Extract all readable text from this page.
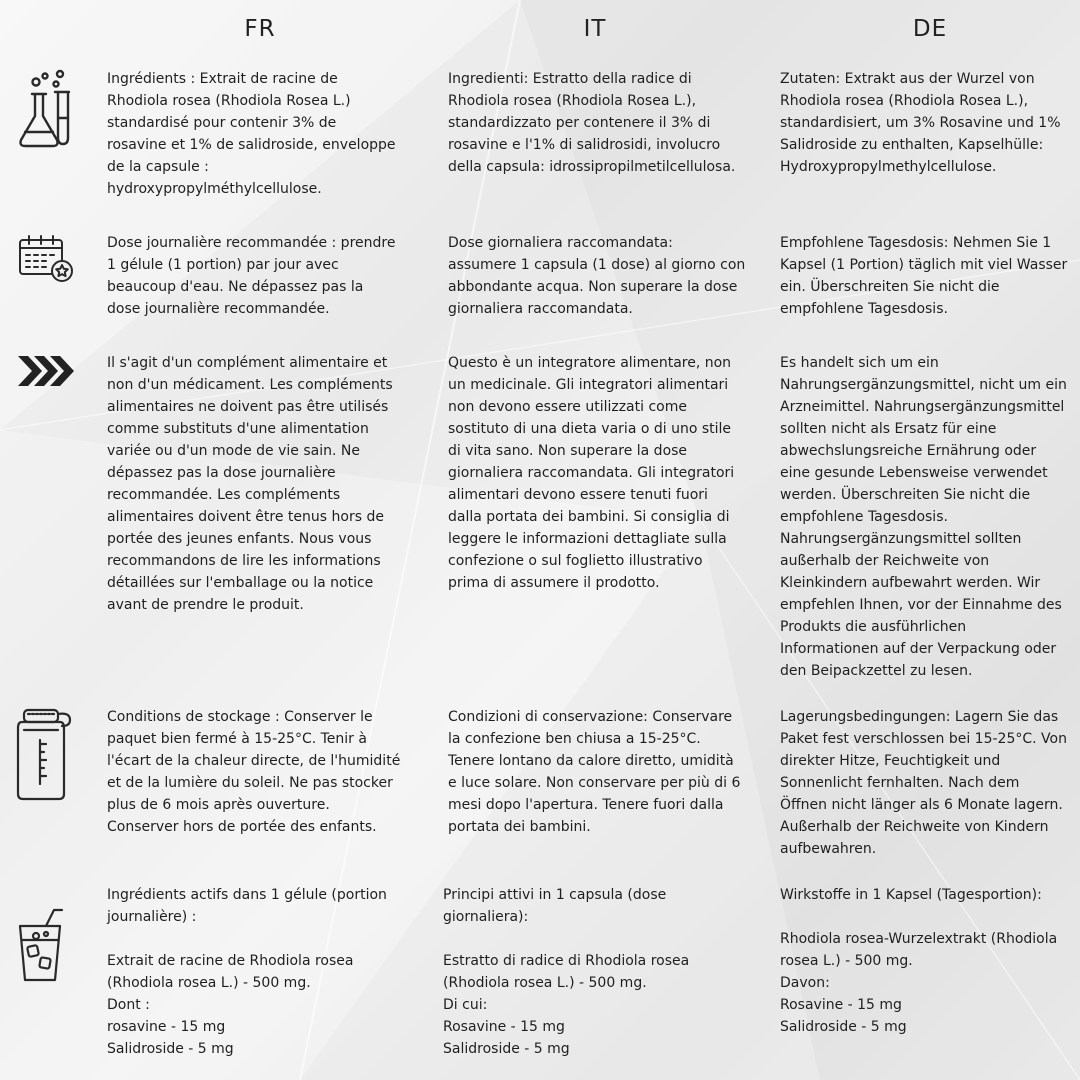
FR	IT	DE

Ingrédients : Extrait de racine de
Rhodiola rosea (Rhodiola Rosea L.)
standardisé pour contenir 3% de
rosavine et 1% de salidroside, enveloppe
de la capsule :
hydroxypropylméthylcellulose.

Ingredienti: Estratto della radice di
Rhodiola rosea (Rhodiola Rosea L.),
standardizzato per contenere il 3% di
rosavine e l'1% di salidrosidi, involucro
della capsula: idrossipropilmetilcellulosa.

Zutaten: Extrakt aus der Wurzel von
Rhodiola rosea (Rhodiola Rosea L.),
standardisiert, um 3% Rosavine und 1%
Salidroside zu enthalten, Kapselhülle:
Hydroxypropylmethylcellulose.

Dose journalière recommandée : prendre
1 gélule (1 portion) par jour avec
beaucoup d'eau. Ne dépassez pas la
dose journalière recommandée.

Dose giornaliera raccomandata:
assumere 1 capsula (1 dose) al giorno con
abbondante acqua. Non superare la dose
giornaliera raccomandata.

Empfohlene Tagesdosis: Nehmen Sie 1
Kapsel (1 Portion) täglich mit viel Wasser
ein. Überschreiten Sie nicht die
empfohlene Tagesdosis.

Il s'agit d'un complément alimentaire et
non d'un médicament. Les compléments
alimentaires ne doivent pas être utilisés
comme substituts d'une alimentation
variée ou d'un mode de vie sain. Ne
dépassez pas la dose journalière
recommandée. Les compléments
alimentaires doivent être tenus hors de
portée des jeunes enfants. Nous vous
recommandons de lire les informations
détaillées sur l'emballage ou la notice
avant de prendre le produit.

Questo è un integratore alimentare, non
un medicinale. Gli integratori alimentari
non devono essere utilizzati come
sostituto di una dieta varia o di uno stile
di vita sano. Non superare la dose
giornaliera raccomandata. Gli integratori
alimentari devono essere tenuti fuori
dalla portata dei bambini. Si consiglia di
leggere le informazioni dettagliate sulla
confezione o sul foglietto illustrativo
prima di assumere il prodotto.

Es handelt sich um ein
Nahrungsergänzungsmittel, nicht um ein
Arzneimittel. Nahrungsergänzungsmittel
sollten nicht als Ersatz für eine
abwechslungsreiche Ernährung oder
eine gesunde Lebensweise verwendet
werden. Überschreiten Sie nicht die
empfohlene Tagesdosis.
Nahrungsergänzungsmittel sollten
außerhalb der Reichweite von
Kleinkindern aufbewahrt werden. Wir
empfehlen Ihnen, vor der Einnahme des
Produkts die ausführlichen
Informationen auf der Verpackung oder
den Beipackzettel zu lesen.

Conditions de stockage : Conserver le
paquet bien fermé à 15-25°C. Tenir à
l'écart de la chaleur directe, de l'humidité
et de la lumière du soleil. Ne pas stocker
plus de 6 mois après ouverture.
Conserver hors de portée des enfants.

Condizioni di conservazione: Conservare
la confezione ben chiusa a 15-25°C.
Tenere lontano da calore diretto, umidità
e luce solare. Non conservare per più di 6
mesi dopo l'apertura. Tenere fuori dalla
portata dei bambini.

Lagerungsbedingungen: Lagern Sie das
Paket fest verschlossen bei 15-25°C. Von
direkter Hitze, Feuchtigkeit und
Sonnenlicht fernhalten. Nach dem
Öffnen nicht länger als 6 Monate lagern.
Außerhalb der Reichweite von Kindern
aufbewahren.

Ingrédients actifs dans 1 gélule (portion
journalière) :

Extrait de racine de Rhodiola rosea
(Rhodiola rosea L.) - 500 mg.
Dont :
rosavine - 15 mg
Salidroside - 5 mg

Principi attivi in 1 capsula (dose
giornaliera):

Estratto di radice di Rhodiola rosea
(Rhodiola rosea L.) - 500 mg.
Di cui:
Rosavine - 15 mg
Salidroside - 5 mg

Wirkstoffe in 1 Kapsel (Tagesportion):

Rhodiola rosea-Wurzelextrakt (Rhodiola
rosea L.) - 500 mg.
Davon:
Rosavine - 15 mg
Salidroside - 5 mg
